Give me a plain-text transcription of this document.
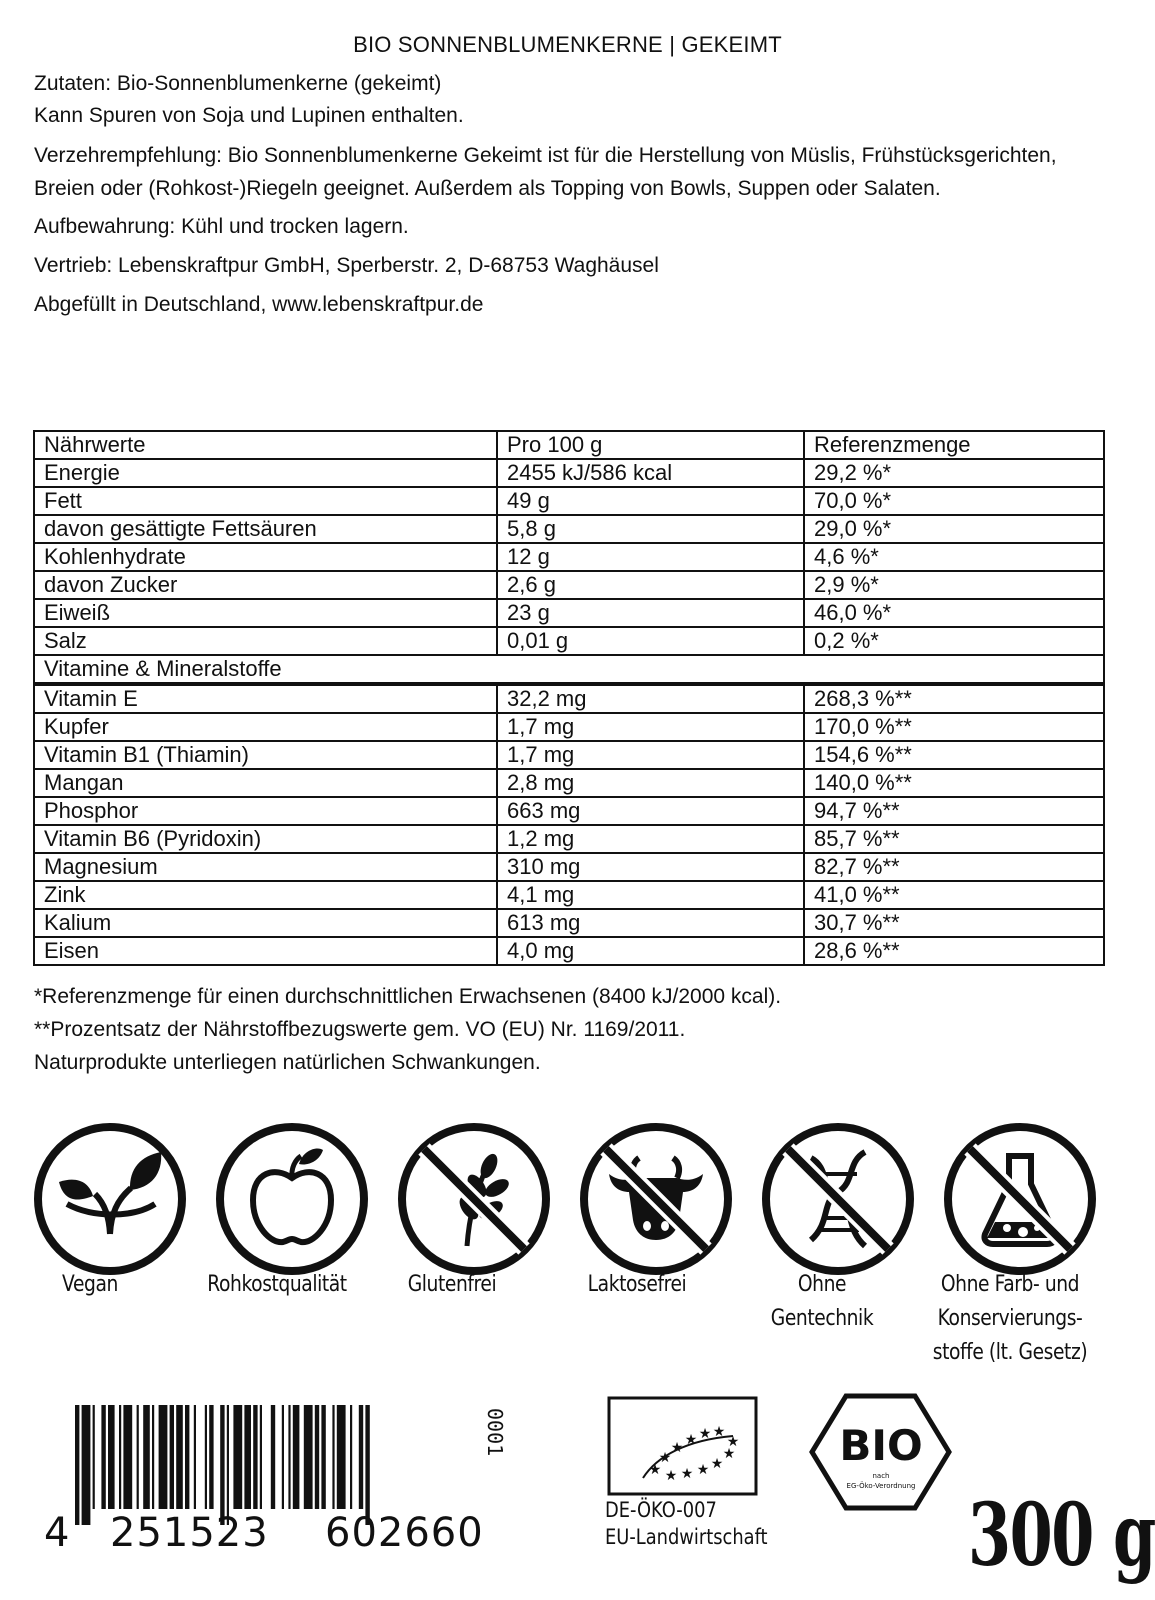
BIO SONNENBLUMENKERNE | GEKEIMT
Zutaten: Bio-Sonnenblumenkerne (gekeimt)
Kann Spuren von Soja und Lupinen enthalten.
Verzehrempfehlung: Bio Sonnenblumenkerne Gekeimt ist für die Herstellung von Müslis, Frühstücksgerichten,
Breien oder (Rohkost-)Riegeln geeignet. Außerdem als Topping von Bowls, Suppen oder Salaten.
Aufbewahrung: Kühl und trocken lagern.
Vertrieb: Lebenskraftpur GmbH, Sperberstr. 2, D-68753 Waghäusel
Abgefüllt in Deutschland, www.lebenskraftpur.de
Nährwerte	Pro 100 g	Referenzmenge
Energie	2455 kJ/586 kcal	29,2 %*
Fett	49 g	70,0 %*
davon gesättigte Fettsäuren	5,8 g	29,0 %*
Kohlenhydrate	12 g	4,6 %*
davon Zucker	2,6 g	2,9 %*
Eiweiß	23 g	46,0 %*
Salz	0,01 g	0,2 %*
Vitamine & Mineralstoffe		
Vitamin E	32,2 mg	268,3 %**
Kupfer	1,7 mg	170,0 %**
Vitamin B1 (Thiamin)	1,7 mg	154,6 %**
Mangan	2,8 mg	140,0 %**
Phosphor	663 mg	94,7 %**
Vitamin B6 (Pyridoxin)	1,2 mg	85,7 %**
Magnesium	310 mg	82,7 %**
Zink	4,1 mg	41,0 %**
Kalium	613 mg	30,7 %**
Eisen	4,0 mg	28,6 %**
*Referenzmenge für einen durchschnittlichen Erwachsenen (8400 kJ/2000 kcal).
**Prozentsatz der Nährstoffbezugswerte gem. VO (EU) Nr. 1169/2011.
Naturprodukte unterliegen natürlichen Schwankungen.
Vegan	Rohkostqualität	Glutenfrei	Laktosefrei	Ohne
Gentechnik
Ohne Farb- und
Konservierungs-
stoffe (lt. Gesetz)
4 251523 602660
0001
★
★
★ ★ ★ ★
★ ★ ★ ★
★
★
DE-ÖKO-007
EU-Landwirtschaft
BIO
nach
EG-Öko-Verordnung 300 g
